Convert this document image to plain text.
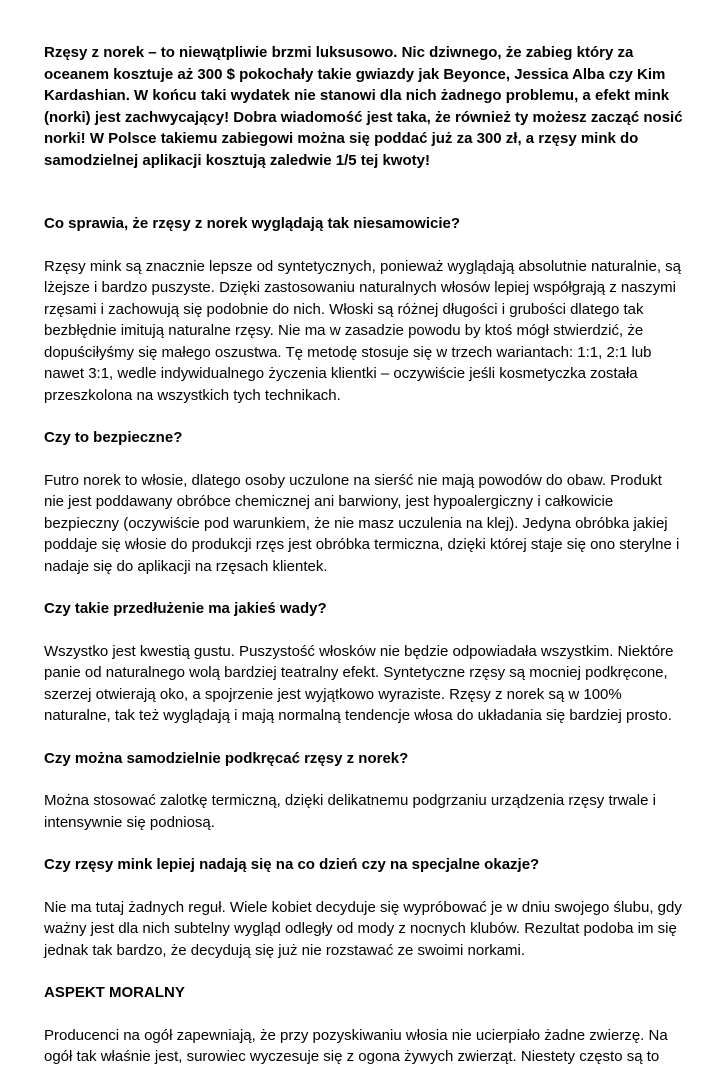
Rzęsy z norek – to niewątpliwie brzmi luksusowo. Nic dziwnego, że zabieg który za oceanem kosztuje aż 300 $ pokochały takie gwiazdy jak Beyonce, Jessica Alba czy Kim Kardashian. W końcu taki wydatek nie stanowi dla nich żadnego problemu, a efekt mink (norki) jest zachwycający! Dobra wiadomość jest taka, że również ty możesz zacząć nosić norki! W Polsce takiemu zabiegowi można się poddać już za 300 zł, a rzęsy mink do samodzielnej aplikacji kosztują zaledwie 1/5 tej kwoty!

Co sprawia, że rzęsy z norek wyglądają tak niesamowicie?

Rzęsy mink są znacznie lepsze od syntetycznych, ponieważ wyglądają absolutnie naturalnie, są lżejsze i bardzo puszyste. Dzięki zastosowaniu naturalnych włosów lepiej współgrają z naszymi rzęsami i zachowują się podobnie do nich. Włoski są różnej długości i grubości dlatego tak bezbłędnie imitują naturalne rzęsy. Nie ma w zasadzie powodu by ktoś mógł stwierdzić, że dopuściłyśmy się małego oszustwa. Tę metodę stosuje się w trzech wariantach: 1:1, 2:1 lub nawet 3:1, wedle indywidualnego życzenia klientki – oczywiście jeśli kosmetyczka została przeszkolona na wszystkich tych technikach.

Czy to bezpieczne?

Futro norek to włosie, dlatego osoby uczulone na sierść nie mają powodów do obaw. Produkt nie jest poddawany obróbce chemicznej ani barwiony, jest hypoalergiczny i całkowicie bezpieczny (oczywiście pod warunkiem, że nie masz uczulenia na klej). Jedyna obróbka jakiej poddaje się włosie do produkcji rzęs jest obróbka termiczna, dzięki której staje się ono sterylne i nadaje się do aplikacji na rzęsach klientek.

Czy takie przedłużenie ma jakieś wady?

Wszystko jest kwestią gustu. Puszystość włosków nie będzie odpowiadała wszystkim. Niektóre panie od naturalnego wolą bardziej teatralny efekt. Syntetyczne rzęsy są mocniej podkręcone, szerzej otwierają oko, a spojrzenie jest wyjątkowo wyraziste. Rzęsy z norek są w 100% naturalne, tak też wyglądają i mają normalną tendencje włosa do układania się bardziej prosto.

Czy można samodzielnie podkręcać rzęsy z norek?

Można stosować zalotkę termiczną, dzięki delikatnemu podgrzaniu urządzenia rzęsy trwale i intensywnie się podniosą.

Czy rzęsy mink lepiej nadają się na co dzień czy na specjalne okazje?

Nie ma tutaj żadnych reguł. Wiele kobiet decyduje się wypróbować je w dniu swojego ślubu, gdy ważny jest dla nich subtelny wygląd odległy od mody z nocnych klubów. Rezultat podoba im się jednak tak bardzo, że decydują się już nie rozstawać ze swoimi norkami.

ASPEKT MORALNY

Producenci na ogół zapewniają, że przy pozyskiwaniu włosia nie ucierpiało żadne zwierzę. Na ogół tak właśnie jest, surowiec wyczesuje się z ogona żywych zwierząt. Niestety często są to
